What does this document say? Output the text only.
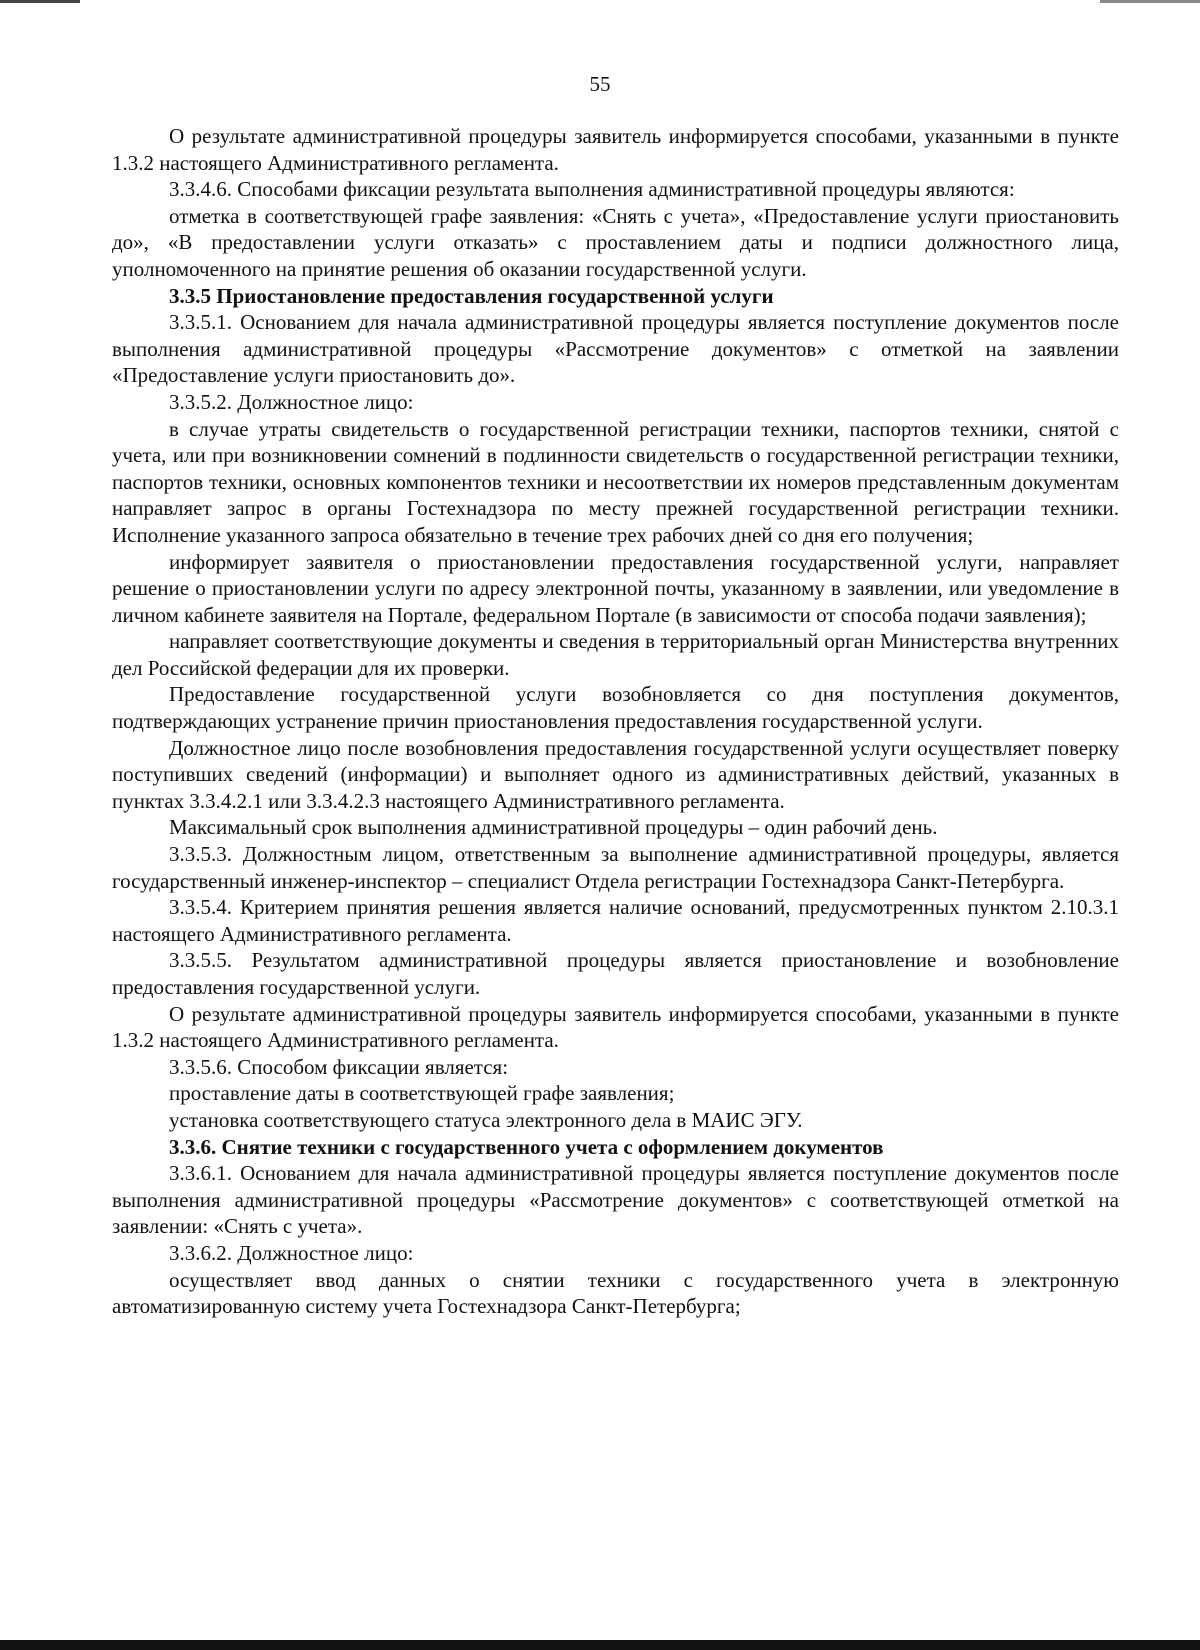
55

О результате административной процедуры заявитель информируется способами, указанными в пункте 1.3.2 настоящего Административного регламента.

3.3.4.6. Способами фиксации результата выполнения административной процедуры являются:

отметка в соответствующей графе заявления: «Снять с учета», «Предоставление услуги приостановить до», «В предоставлении услуги отказать» с проставлением даты и подписи должностного лица, уполномоченного на принятие решения об оказании государственной услуги.

3.3.5 Приостановление предоставления государственной услуги

3.3.5.1. Основанием для начала административной процедуры является поступление документов после выполнения административной процедуры «Рассмотрение документов» с отметкой на заявлении «Предоставление услуги приостановить до».

3.3.5.2. Должностное лицо:

в случае утраты свидетельств о государственной регистрации техники, паспортов техники, снятой с учета, или при возникновении сомнений в подлинности свидетельств о государственной регистрации техники, паспортов техники, основных компонентов техники и несоответствии их номеров представленным документам направляет запрос в органы Гостехнадзора по месту прежней государственной регистрации техники. Исполнение указанного запроса обязательно в течение трех рабочих дней со дня его получения;

информирует заявителя о приостановлении предоставления государственной услуги, направляет решение о приостановлении услуги по адресу электронной почты, указанному в заявлении, или уведомление в личном кабинете заявителя на Портале, федеральном Портале (в зависимости от способа подачи заявления);

направляет соответствующие документы и сведения в территориальный орган Министерства внутренних дел Российской федерации для их проверки.

Предоставление государственной услуги возобновляется со дня поступления документов, подтверждающих устранение причин приостановления предоставления государственной услуги.

Должностное лицо после возобновления предоставления государственной услуги осуществляет поверку поступивших сведений (информации) и выполняет одного из административных действий, указанных в пунктах 3.3.4.2.1 или 3.3.4.2.3 настоящего Административного регламента.

Максимальный срок выполнения административной процедуры – один рабочий день.

3.3.5.3. Должностным лицом, ответственным за выполнение административной процедуры, является государственный инженер-инспектор – специалист Отдела регистрации Гостехнадзора Санкт-Петербурга.

3.3.5.4. Критерием принятия решения является наличие оснований, предусмотренных пунктом 2.10.3.1 настоящего Административного регламента.

3.3.5.5. Результатом административной процедуры является приостановление и возобновление предоставления государственной услуги.

О результате административной процедуры заявитель информируется способами, указанными в пункте 1.3.2 настоящего Административного регламента.

3.3.5.6. Способом фиксации является:

проставление даты в соответствующей графе заявления;

установка соответствующего статуса электронного дела в МАИС ЭГУ.

3.3.6. Снятие техники с государственного учета с оформлением документов

3.3.6.1. Основанием для начала административной процедуры является поступление документов после выполнения административной процедуры «Рассмотрение документов» с соответствующей отметкой на заявлении: «Снять с учета».

3.3.6.2. Должностное лицо:

осуществляет ввод данных о снятии техники с государственного учета в электронную автоматизированную систему учета Гостехнадзора Санкт-Петербурга;
